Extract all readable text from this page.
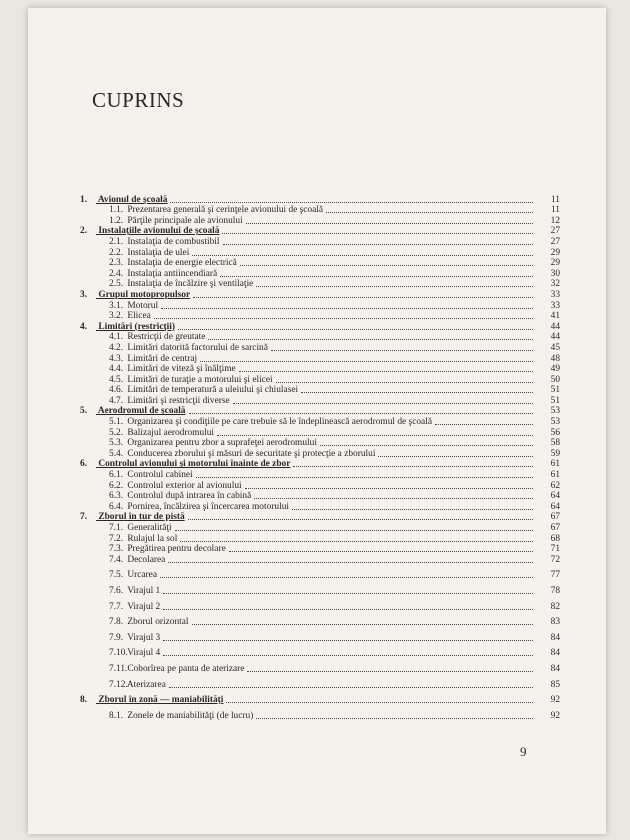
CUPRINS
1. Avionul de şcoală	11
1.1. Prezentarea generală şi cerinţele avionului de şcoală	11
1.2. Părţile principale ale avionului	12
2. Instalaţiile avionului de şcoală	27
2.1. Instalaţia de combustibil	27
2.2. Instalaţia de ulei	29
2.3. Instalaţia de energie electrică	29
2.4. Instalaţia antiincendiară	30
2.5. Instalaţia de încălzire şi ventilaţie	32
3. Grupul motopropulsor	33
3.1. Motorul	33
3.2. Elicea	41
4. Limitări (restricţii)	44
4.1. Restricţii de greutate	44
4.2. Limitări datorită factorului de sarcină	45
4.3. Limitări de centraj	48
4.4. Limitări de viteză şi înălţime	49
4.5. Limitări de turaţie a motorului şi elicei	50
4.6. Limitări de temperatură a uleiului şi chiulasei	51
4.7. Limitări şi restricţii diverse	51
5. Aerodromul de şcoală	53
5.1. Organizarea şi condiţiile pe care trebuie să le îndeplinească aerodromul de şcoală	53
5.2. Balizajul aerodromului	56
5.3. Organizarea pentru zbor a suprafeţei aerodromului	58
5.4. Conducerea zborului şi măsuri de securitate şi protecţie a zborului	59
6. Controlul avionului şi motorului înainte de zbor	61
6.1. Controlul cabinei	61
6.2. Controlul exterior al avionului	62
6.3. Controlul după intrarea în cabină	64
6.4. Pornirea, încălzirea şi încercarea motorului	64
7. Zborul în tur de pistă	67
7.1. Generalităţi	67
7.2. Rulajul la sol	68
7.3. Pregătirea pentru decolare	71
7.4. Decolarea	72
7.5. Urcarea	77
7.6. Virajul 1	78
7.7. Virajul 2	82
7.8. Zborul orizontal	83
7.9. Virajul 3	84
7.10. Virajul 4	84
7.11. Coborîrea pe panta de aterizare	84
7.12. Aterizarea	85
8. Zborul în zonă — maniabilităţi	92
8.1. Zonele de maniabilităţi (de lucru)	92
9
